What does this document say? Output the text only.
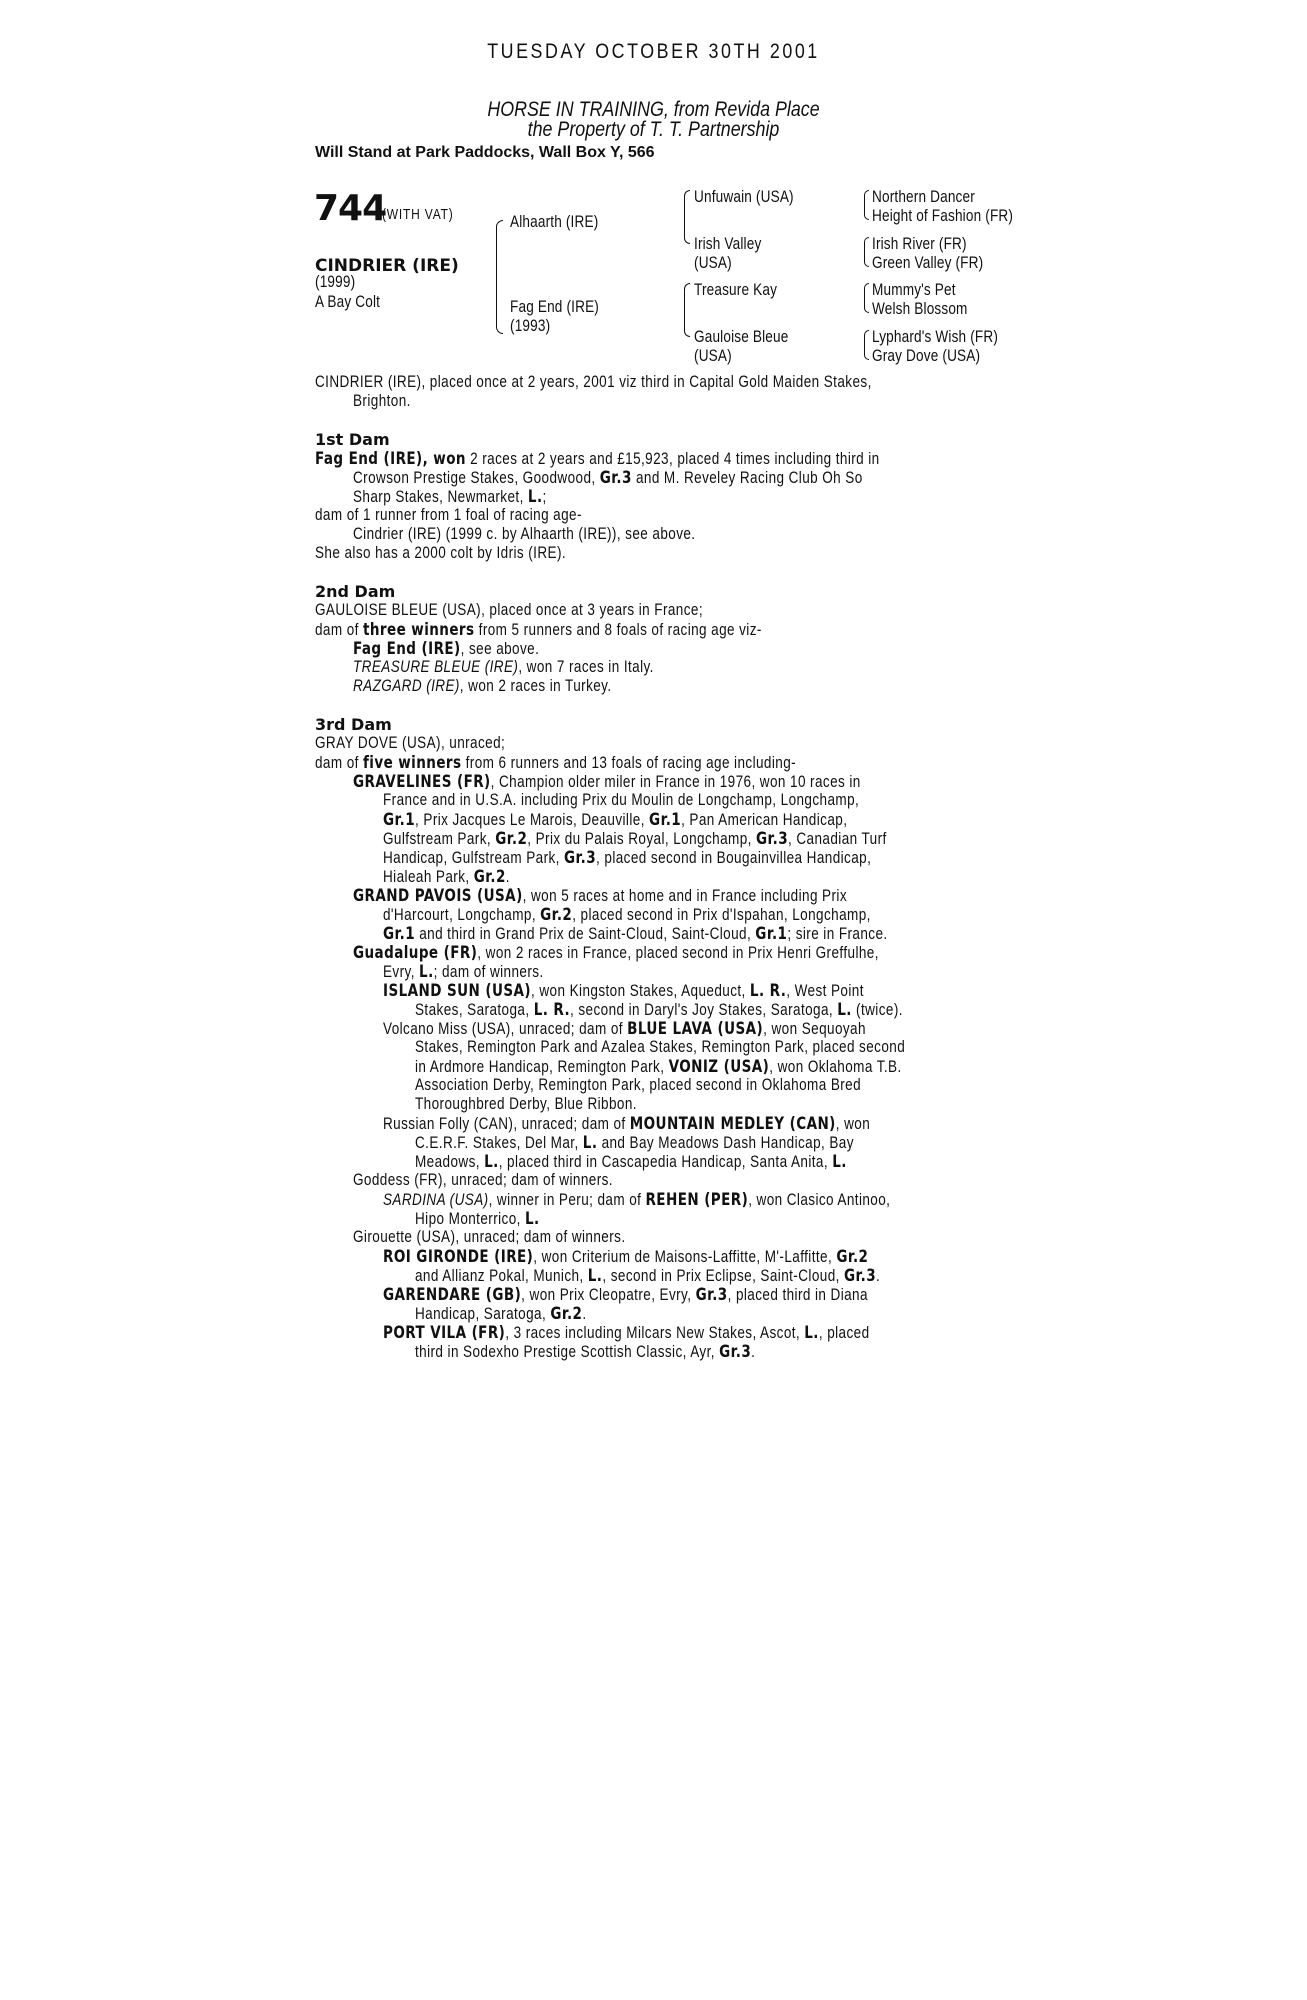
TUESDAY OCTOBER 30TH 2001
HORSE IN TRAINING, from Revida Place
the Property of T. T. Partnership
Will Stand at Park Paddocks, Wall Box Y, 566
744
(WITH VAT)
CINDRIER (IRE)
(1999)
A Bay Colt
Alhaarth (IRE)
Fag End (IRE)
(1993)
Unfuwain (USA)
Irish Valley
(USA)
Treasure Kay
Gauloise Bleue
(USA)
Northern Dancer
Height of Fashion (FR)
Irish River (FR)
Green Valley (FR)
Mummy's Pet
Welsh Blossom
Lyphard's Wish (FR)
Gray Dove (USA)
CINDRIER (IRE), placed once at 2 years, 2001 viz third in Capital Gold Maiden Stakes,
Brighton.
1st Dam
Fag End (IRE), won 2 races at 2 years and £15,923, placed 4 times including third in
Crowson Prestige Stakes, Goodwood, Gr.3 and M. Reveley Racing Club Oh So
Sharp Stakes, Newmarket, L.;
dam of 1 runner from 1 foal of racing age-
Cindrier (IRE) (1999 c. by Alhaarth (IRE)), see above.
She also has a 2000 colt by Idris (IRE).
2nd Dam
GAULOISE BLEUE (USA), placed once at 3 years in France;
dam of three winners from 5 runners and 8 foals of racing age viz-
Fag End (IRE), see above.
TREASURE BLEUE (IRE), won 7 races in Italy.
RAZGARD (IRE), won 2 races in Turkey.
3rd Dam
GRAY DOVE (USA), unraced;
dam of five winners from 6 runners and 13 foals of racing age including-
GRAVELINES (FR), Champion older miler in France in 1976, won 10 races in
France and in U.S.A. including Prix du Moulin de Longchamp, Longchamp,
Gr.1, Prix Jacques Le Marois, Deauville, Gr.1, Pan American Handicap,
Gulfstream Park, Gr.2, Prix du Palais Royal, Longchamp, Gr.3, Canadian Turf
Handicap, Gulfstream Park, Gr.3, placed second in Bougainvillea Handicap,
Hialeah Park, Gr.2.
GRAND PAVOIS (USA), won 5 races at home and in France including Prix
d'Harcourt, Longchamp, Gr.2, placed second in Prix d'Ispahan, Longchamp,
Gr.1 and third in Grand Prix de Saint-Cloud, Saint-Cloud, Gr.1; sire in France.
Guadalupe (FR), won 2 races in France, placed second in Prix Henri Greffulhe,
Evry, L.; dam of winners.
ISLAND SUN (USA), won Kingston Stakes, Aqueduct, L. R., West Point
Stakes, Saratoga, L. R., second in Daryl's Joy Stakes, Saratoga, L. (twice).
Volcano Miss (USA), unraced; dam of BLUE LAVA (USA), won Sequoyah
Stakes, Remington Park and Azalea Stakes, Remington Park, placed second
in Ardmore Handicap, Remington Park, VONIZ (USA), won Oklahoma T.B.
Association Derby, Remington Park, placed second in Oklahoma Bred
Thoroughbred Derby, Blue Ribbon.
Russian Folly (CAN), unraced; dam of MOUNTAIN MEDLEY (CAN), won
C.E.R.F. Stakes, Del Mar, L. and Bay Meadows Dash Handicap, Bay
Meadows, L., placed third in Cascapedia Handicap, Santa Anita, L.
Goddess (FR), unraced; dam of winners.
SARDINA (USA), winner in Peru; dam of REHEN (PER), won Clasico Antinoo,
Hipo Monterrico, L.
Girouette (USA), unraced; dam of winners.
ROI GIRONDE (IRE), won Criterium de Maisons-Laffitte, M'-Laffitte, Gr.2
and Allianz Pokal, Munich, L., second in Prix Eclipse, Saint-Cloud, Gr.3.
GARENDARE (GB), won Prix Cleopatre, Evry, Gr.3, placed third in Diana
Handicap, Saratoga, Gr.2.
PORT VILA (FR), 3 races including Milcars New Stakes, Ascot, L., placed
third in Sodexho Prestige Scottish Classic, Ayr, Gr.3.
